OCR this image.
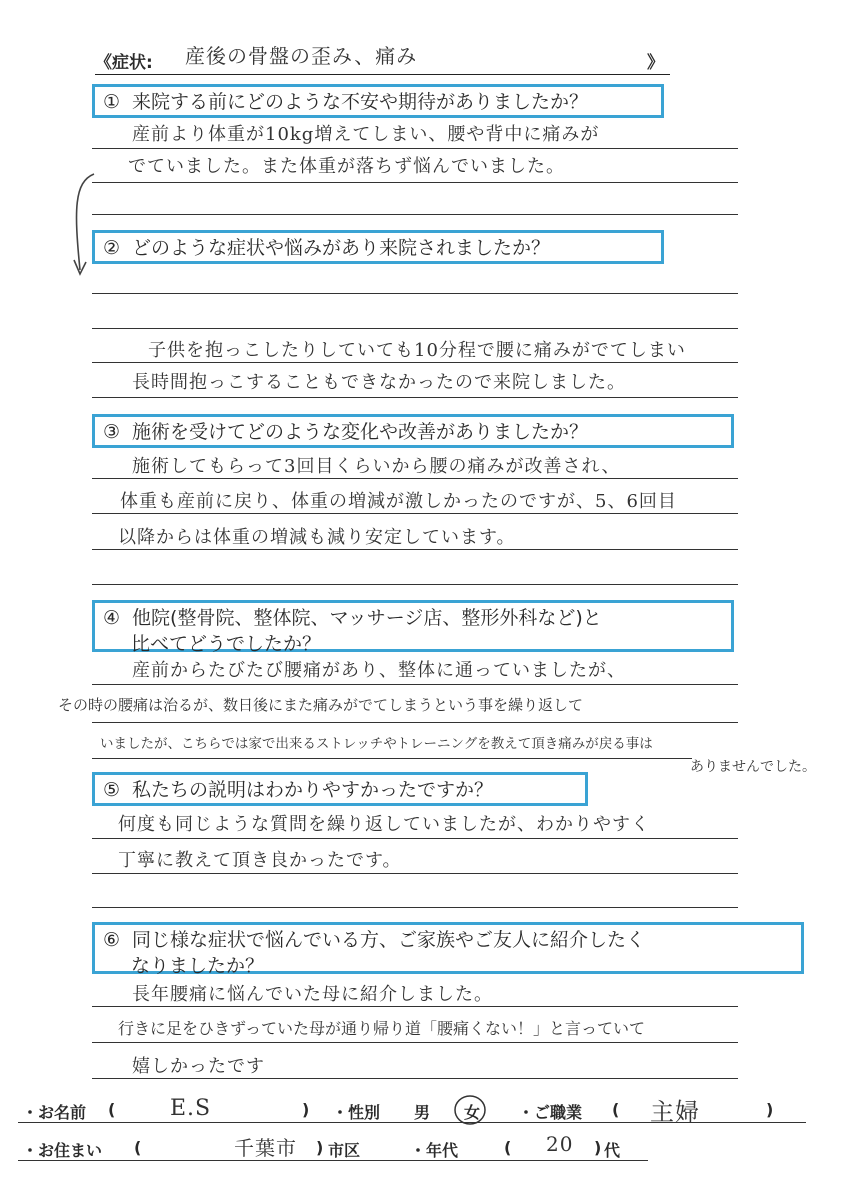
《症状: 産後の骨盤の歪み、痛み	》
① 来院する前にどのような不安や期待がありましたか？
産前より体重が10kg増えてしまい、腰や背中に痛みが
でていました。また体重が落ちず悩んでいました。
② どのような症状や悩みがあり来院されましたか？
子供を抱っこしたりしていても10分程で腰に痛みがでてしまい
長時間抱っこすることもできなかったので来院しました。
③ 施術を受けてどのような変化や改善がありましたか？
施術してもらって3回目くらいから腰の痛みが改善され、
体重も産前に戻り、体重の増減が激しかったのですが、5、6回目
以降からは体重の増減も減り安定しています。
④ 他院(整骨院、整体院、マッサージ店、整形外科など)と
比べてどうでしたか？
産前からたびたび腰痛があり、整体に通っていましたが、
その時の腰痛は治るが、数日後にまた痛みがでてしまうという事を繰り返して
いましたが、こちらでは家で出来るストレッチやトレーニングを教えて頂き痛みが戻る事は
ありませんでした。
⑤ 私たちの説明はわかりやすかったですか？
何度も同じような質問を繰り返していましたが、わかりやすく
丁寧に教えて頂き良かったです。
⑥ 同じ様な症状で悩んでいる方、ご家族やご友人に紹介したく
なりましたか？
長年腰痛に悩んでいた母に紹介しました。
行きに足をひきずっていた母が通り帰り道「腰痛くない！」と言っていて
嬉しかったです
・お名前 ( E.S	) ・性別 男 女 ・ご職業 ( 主婦	)
・お住まい (	千葉市 ) 市区	・年代	( 20 ) 代
